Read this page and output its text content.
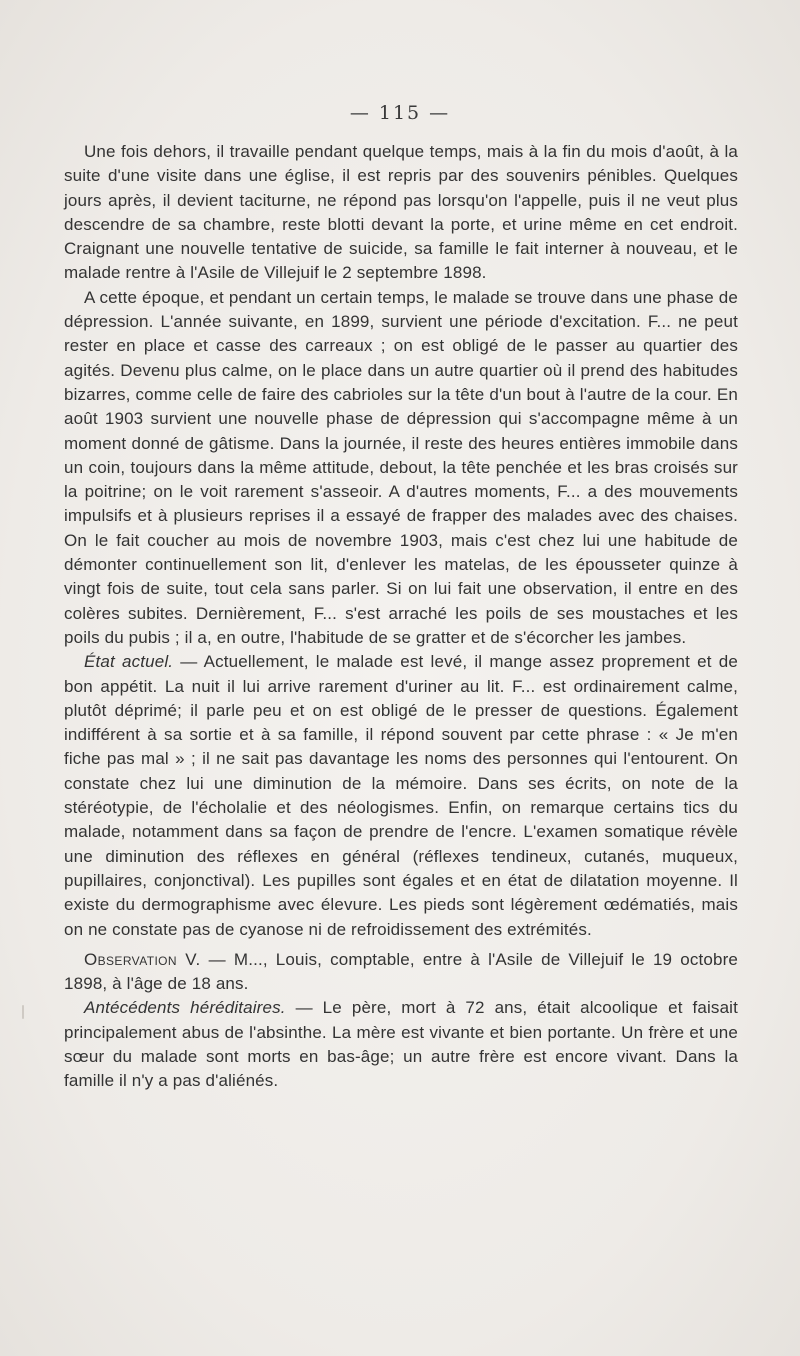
— 115 —

Une fois dehors, il travaille pendant quelque temps, mais à la fin du mois d'août, à la suite d'une visite dans une église, il est repris par des souvenirs pénibles. Quelques jours après, il devient taciturne, ne répond pas lorsqu'on l'appelle, puis il ne veut plus descendre de sa chambre, reste blotti devant la porte, et urine même en cet endroit. Craignant une nouvelle tentative de suicide, sa famille le fait interner à nouveau, et le malade rentre à l'Asile de Villejuif le 2 septembre 1898.

A cette époque, et pendant un certain temps, le malade se trouve dans une phase de dépression. L'année suivante, en 1899, survient une période d'excitation. F... ne peut rester en place et casse des carreaux ; on est obligé de le passer au quartier des agités. Devenu plus calme, on le place dans un autre quartier où il prend des habitudes bizarres, comme celle de faire des cabrioles sur la tête d'un bout à l'autre de la cour. En août 1903 survient une nouvelle phase de dépression qui s'accompagne même à un moment donné de gâtisme. Dans la journée, il reste des heures entières immobile dans un coin, toujours dans la même attitude, debout, la tête penchée et les bras croisés sur la poitrine; on le voit rarement s'asseoir. A d'autres moments, F... a des mouvements impulsifs et à plusieurs reprises il a essayé de frapper des malades avec des chaises. On le fait coucher au mois de novembre 1903, mais c'est chez lui une habitude de démonter continuellement son lit, d'enlever les matelas, de les épousseter quinze à vingt fois de suite, tout cela sans parler. Si on lui fait une observation, il entre en des colères subites. Dernièrement, F... s'est arraché les poils de ses moustaches et les poils du pubis ; il a, en outre, l'habitude de se gratter et de s'écorcher les jambes.

État actuel. — Actuellement, le malade est levé, il mange assez proprement et de bon appétit. La nuit il lui arrive rarement d'uriner au lit. F... est ordinairement calme, plutôt déprimé; il parle peu et on est obligé de le presser de questions. Également indifférent à sa sortie et à sa famille, il répond souvent par cette phrase : « Je m'en fiche pas mal » ; il ne sait pas davantage les noms des personnes qui l'entourent. On constate chez lui une diminution de la mémoire. Dans ses écrits, on note de la stéréotypie, de l'écholalie et des néologismes. Enfin, on remarque certains tics du malade, notamment dans sa façon de prendre de l'encre. L'examen somatique révèle une diminution des réflexes en général (réflexes tendineux, cutanés, muqueux, pupillaires, conjonctival). Les pupilles sont égales et en état de dilatation moyenne. Il existe du dermographisme avec élevure. Les pieds sont légèrement œdématiés, mais on ne constate pas de cyanose ni de refroidissement des extrémités.

Observation V. — M..., Louis, comptable, entre à l'Asile de Villejuif le 19 octobre 1898, à l'âge de 18 ans.

Antécédents héréditaires. — Le père, mort à 72 ans, était alcoolique et faisait principalement abus de l'absinthe. La mère est vivante et bien portante. Un frère et une sœur du malade sont morts en bas-âge; un autre frère est encore vivant. Dans la famille il n'y a pas d'aliénés.
